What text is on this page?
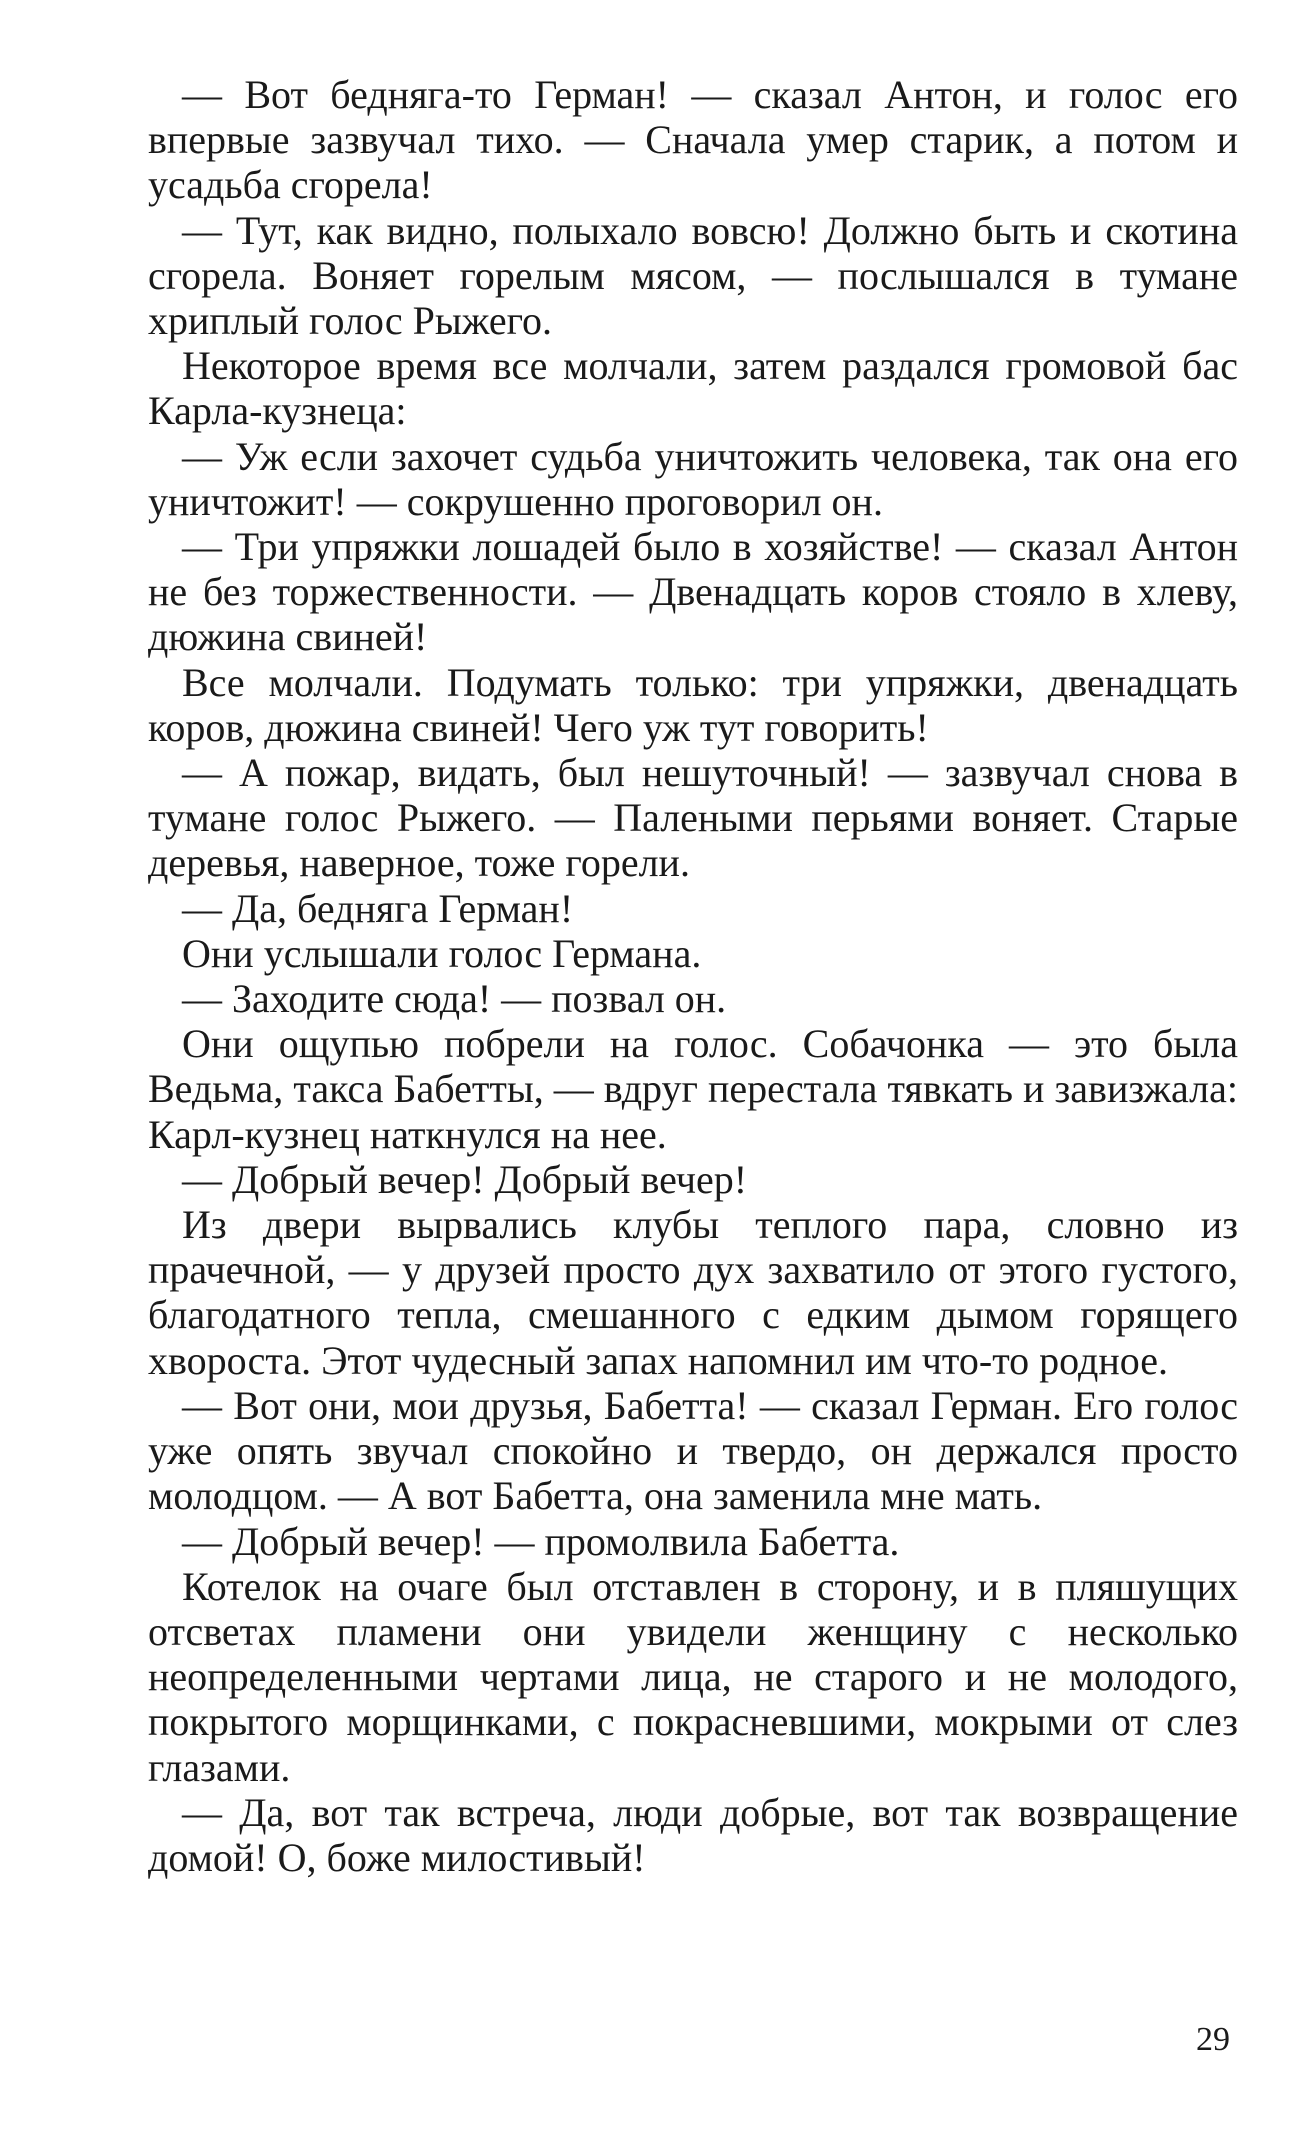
— Вот бедняга-то Герман! — сказал Антон, и голос его впервые зазвучал тихо. — Сначала умер старик, а потом и усадьба сгорела!

— Тут, как видно, полыхало вовсю! Должно быть и скотина сгорела. Воняет горелым мясом, — послышался в тумане хриплый голос Рыжего.

Некоторое время все молчали, затем раздался громовой бас Карла-кузнеца:

— Уж если захочет судьба уничтожить человека, так она его уничтожит! — сокрушенно проговорил он.

— Три упряжки лошадей было в хозяйстве! — сказал Антон не без торжественности. — Двенадцать коров стояло в хлеву, дюжина свиней!

Все молчали. Подумать только: три упряжки, двенадцать коров, дюжина свиней! Чего уж тут говорить!

— А пожар, видать, был нешуточный! — зазвучал снова в тумане голос Рыжего. — Палеными перьями воняет. Старые деревья, наверное, тоже горели.

— Да, бедняга Герман!

Они услышали голос Германа.

— Заходите сюда! — позвал он.

Они ощупью побрели на голос. Собачонка — это была Ведьма, такса Бабетты, — вдруг перестала тявкать и завизжала: Карл-кузнец наткнулся на нее.

— Добрый вечер! Добрый вечер!

Из двери вырвались клубы теплого пара, словно из прачечной, — у друзей просто дух захватило от этого густого, благодатного тепла, смешанного с едким дымом горящего хвороста. Этот чудесный запах напомнил им что-то родное.

— Вот они, мои друзья, Бабетта! — сказал Герман. Его голос уже опять звучал спокойно и твердо, он держался просто молодцом. — А вот Бабетта, она заменила мне мать.

— Добрый вечер! — промолвила Бабетта.

Котелок на очаге был отставлен в сторону, и в пляшущих отсветах пламени они увидели женщину с несколько неопределенными чертами лица, не старого и не молодого, покрытого морщинками, с покрасневшими, мокрыми от слез глазами.

— Да, вот так встреча, люди добрые, вот так возвращение домой! О, боже милостивый!

29
